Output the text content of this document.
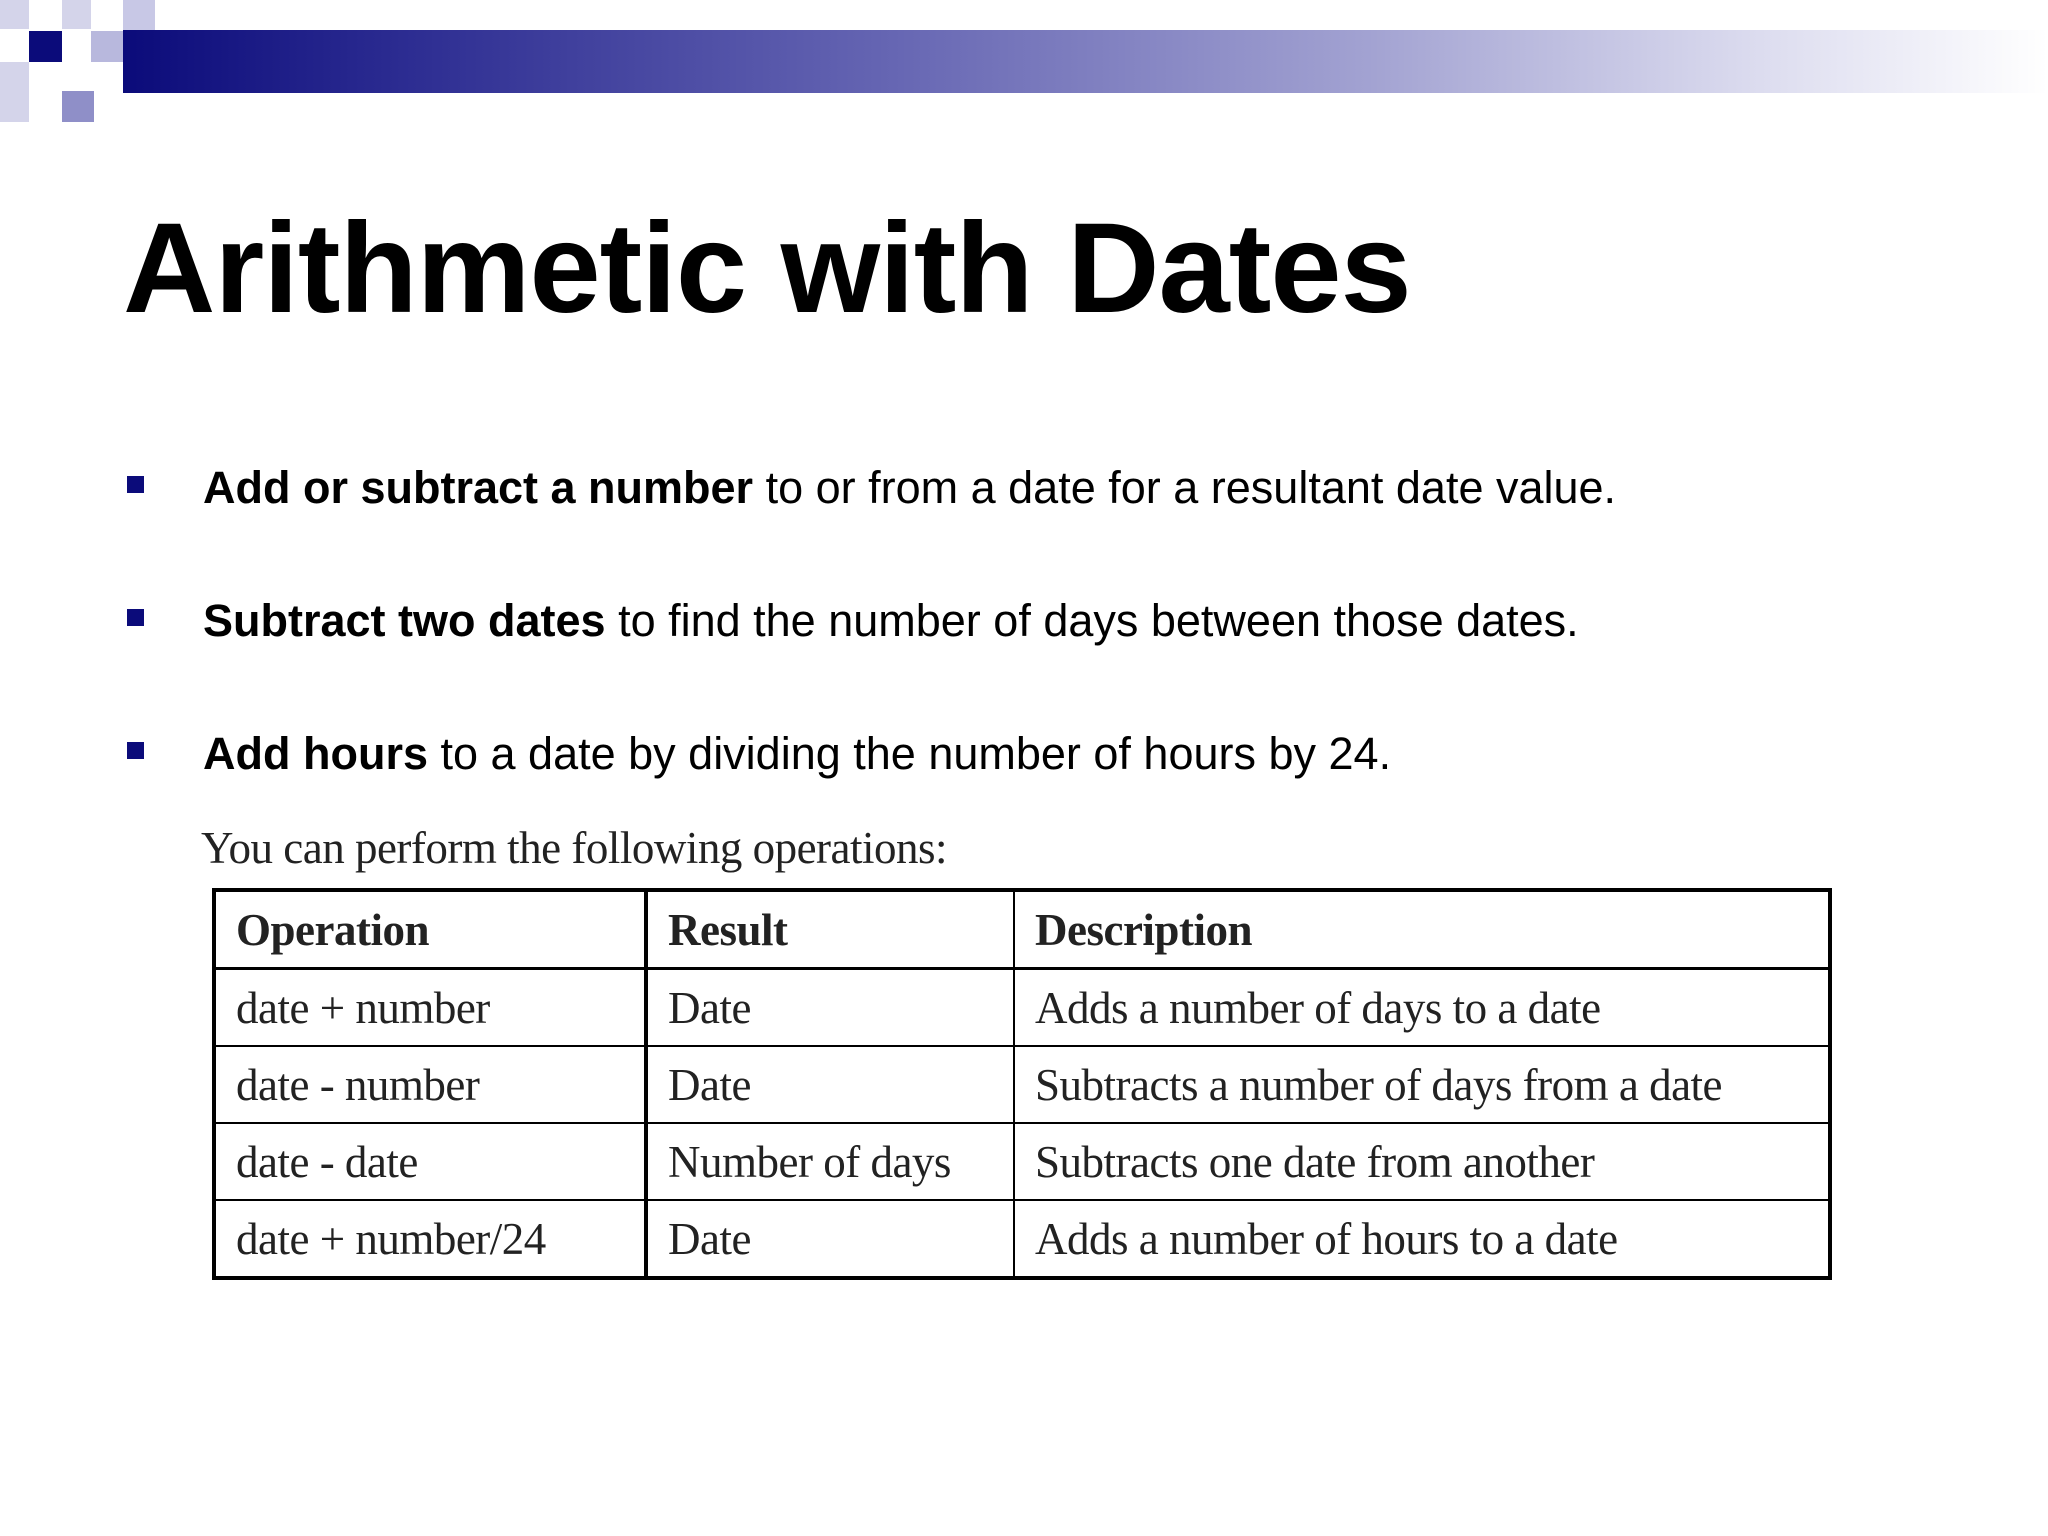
Arithmetic with Dates
Add or subtract a number to or from a date for a resultant date value.
Subtract two dates to find the number of days between those dates.
Add hours to a date by dividing the number of hours by 24.
You can perform the following operations:
Operation	Result	Description
date + number	Date	Adds a number of days to a date
date - number	Date	Subtracts a number of days from a date
date - date	Number of days	Subtracts one date from another
date + number/24	Date	Adds a number of hours to a date
